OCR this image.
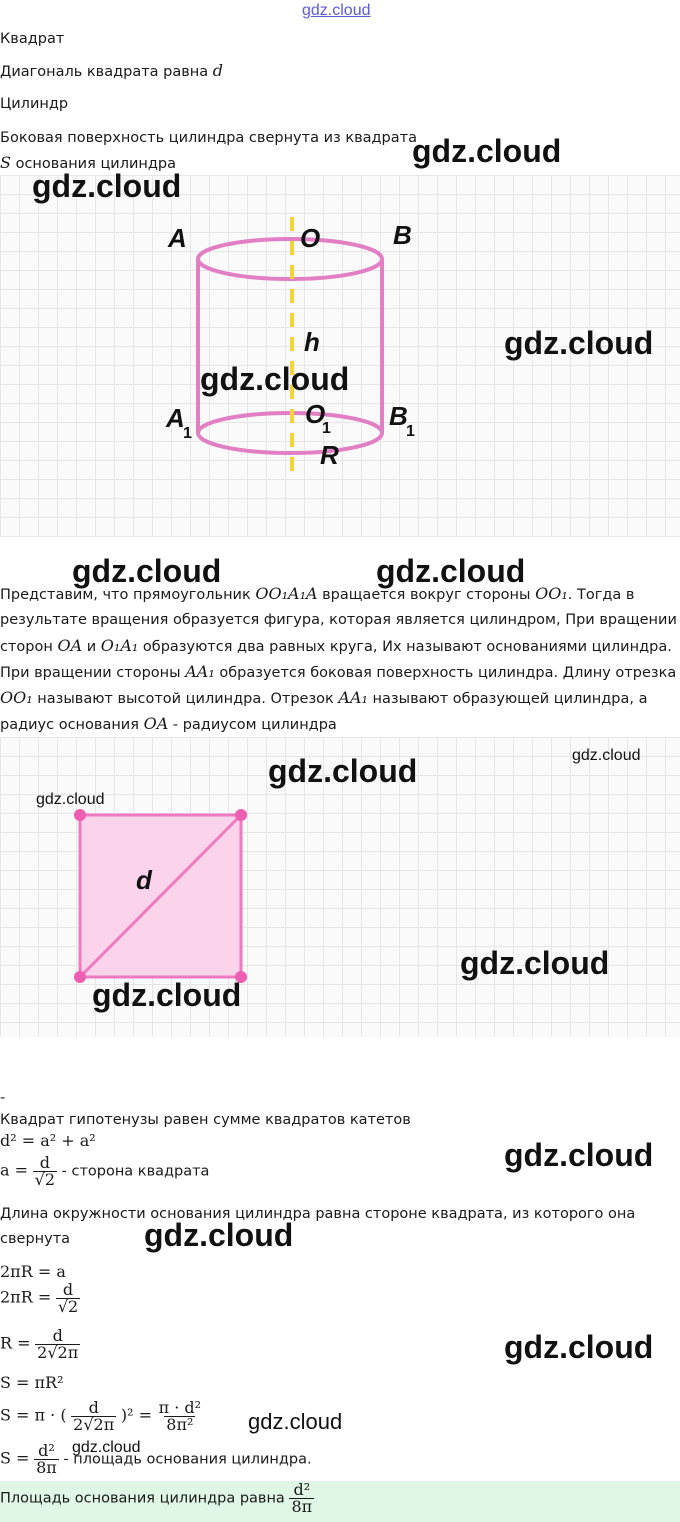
gdz.cloud
Квадрат
Диагональ квадрата равна d
Цилиндр
Боковая поверхность цилиндра свернута из квадрата
S основания цилиндра
A	O	B
h
A	O B
R
1	1	1
Представим, что прямоугольник OO₁A₁A вращается вокруг стороны OO₁. Тогда в
результате вращения образуется фигура, которая является цилиндром, При вращении
сторон OA и O₁A₁ образуются два равных круга, Их называют основаниями цилиндра.
При вращении стороны AA₁ образуется боковая поверхность цилиндра. Длину отрезка
OO₁ называют высотой цилиндра. Отрезок AA₁ называют образующей цилиндра, а
радиус основания OA - радиусом цилиндра
d
-
Квадрат гипотенузы равен сумме квадратов катетов
d² = a² + a²
$a = \frac{d}{√2}$ - сторона квадрата
Длина окружности основания цилиндра равна стороне квадрата, из которого она
свернута
2πR = a
$2\pi R = \frac{d}{√2}$
$R = \frac{d}{2√2\pi}$
S = πR²
S = π · ( $\frac{d}{2√2\pi} )^2 = \frac{\text{π · d²}}{\text{8π²}}$
$S = \frac{\text{d²}}{8\pi}$ - площадь основания цилиндра.
Площадь основания цилиндра равна $\frac{\text{d²}}{8\pi}$
gdz.cloud
gdz.cloud
gdz.cloud
gdz.cloud
gdz.cloud	gdz.cloud
gdz.cloud	gdz.cloud
gdz.cloud
gdz.cloud
gdz.cloud
gdz.cloud
gdz.cloud
gdz.cloud
gdz.cloud
gdz.cloud
